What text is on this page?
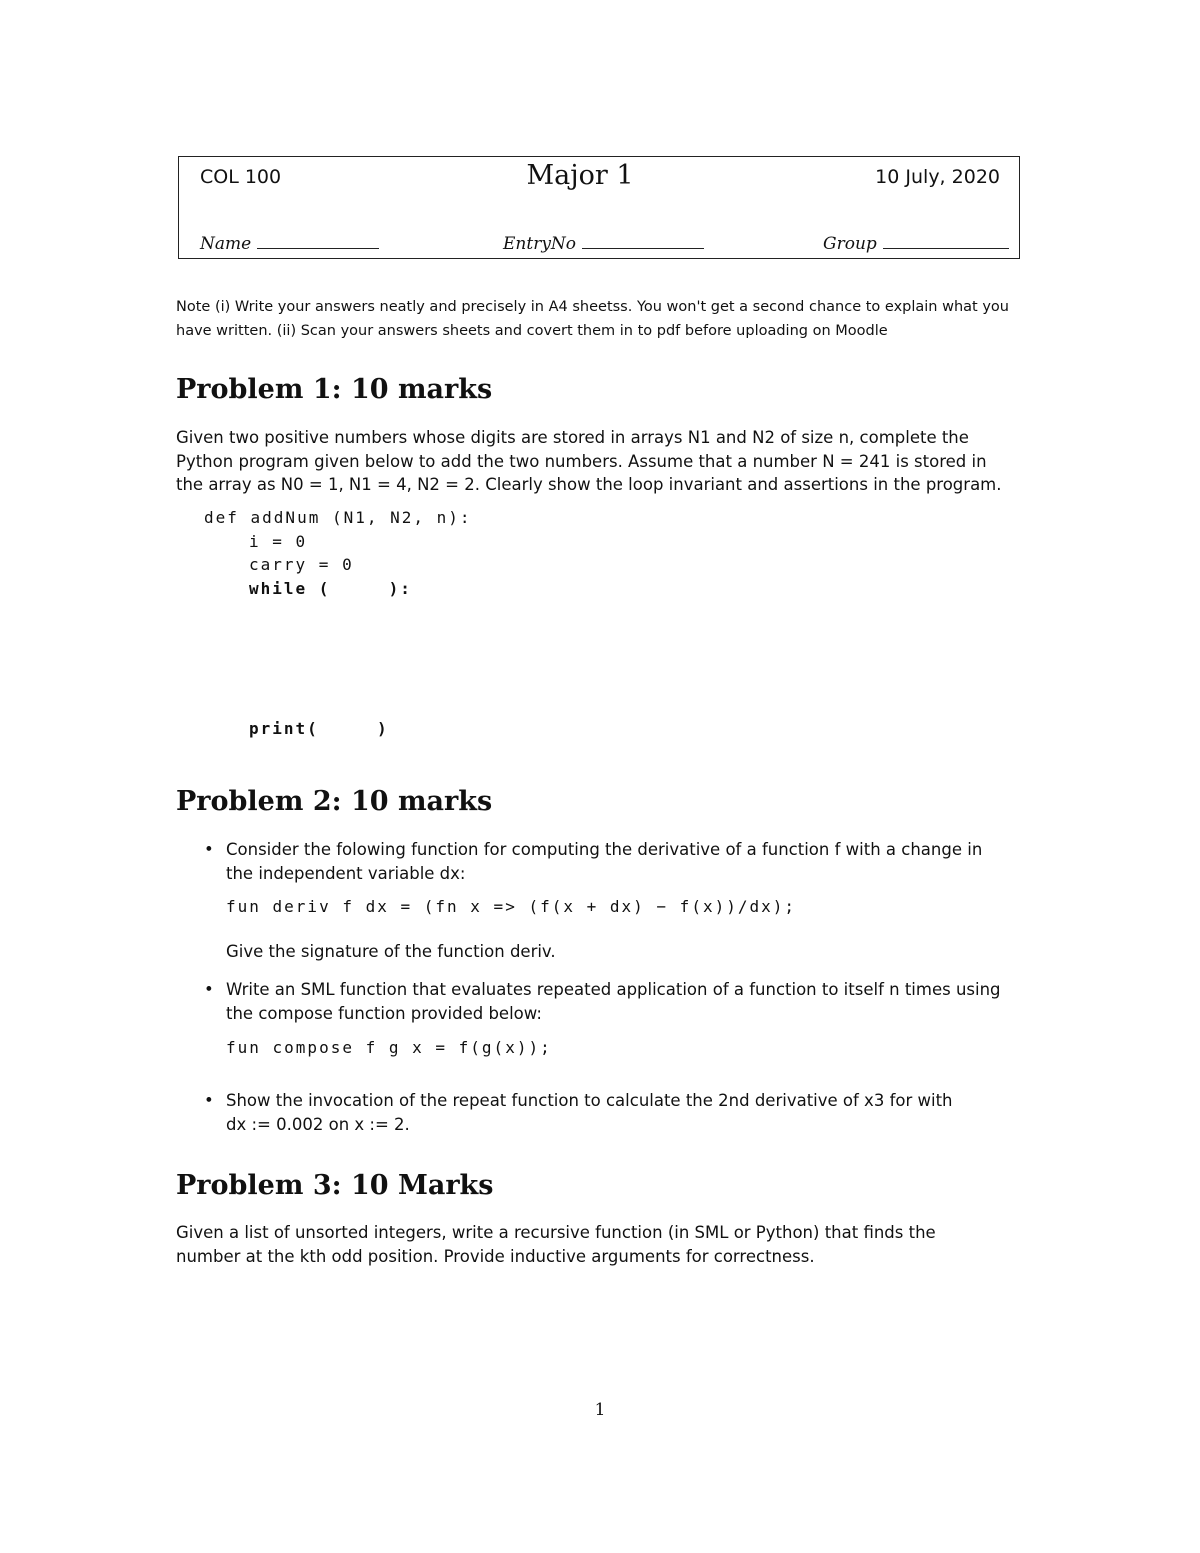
COL 100	Major 1	10 July, 2020
Name	EntryNo	Group
Note (i) Write your answers neatly and precisely in A4 sheetss. You won't get a second chance to explain what you have written. (ii) Scan your answers sheets and covert them in to pdf before uploading on Moodle
Problem 1: 10 marks
Given two positive numbers whose digits are stored in arrays N1 and N2 of size n, complete the
Python program given below to add the two numbers. Assume that a number N = 241 is stored in
the array as N0 = 1, N1 = 4, N2 = 2. Clearly show the loop invariant and assertions in the program.
def addNum (N1, N2, n):
i = 0
carry = 0
while (     ):
print(     )
Problem 2: 10 marks
• Consider the folowing function for computing the derivative of a function f with a change in
the independent variable dx:
fun deriv f dx = (fn x => (f(x + dx) − f(x))/dx);
Give the signature of the function deriv.
• Write an SML function that evaluates repeated application of a function to itself n times using
the compose function provided below:
fun compose f g x = f(g(x));
• Show the invocation of the repeat function to calculate the 2nd derivative of x3 for with
dx := 0.002 on x := 2.
Problem 3: 10 Marks
Given a list of unsorted integers, write a recursive function (in SML or Python) that finds the
number at the kth odd position. Provide inductive arguments for correctness.
1
